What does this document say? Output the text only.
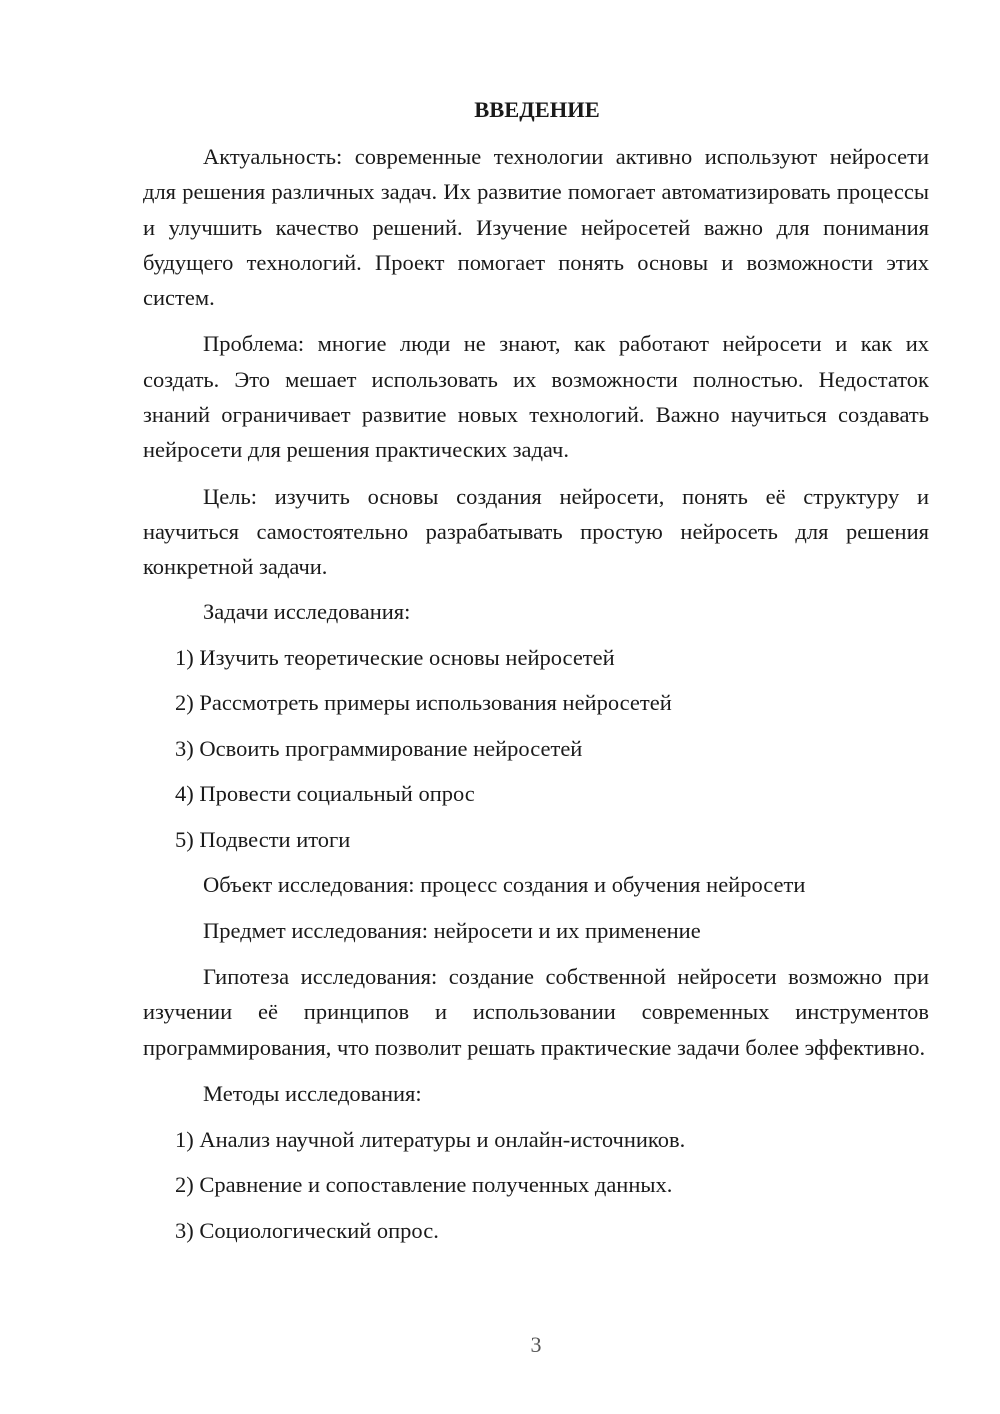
ВВЕДЕНИЕ

Актуальность: современные технологии активно используют нейросети для решения различных задач. Их развитие помогает автоматизировать процессы и улучшить качество решений. Изучение нейросетей важно для понимания будущего технологий. Проект помогает понять основы и возможности этих систем.

Проблема: многие люди не знают, как работают нейросети и как их создать. Это мешает использовать их возможности полностью. Недостаток знаний ограничивает развитие новых технологий. Важно научиться создавать нейросети для решения практических задач.

Цель: изучить основы создания нейросети, понять её структуру и научиться самостоятельно разрабатывать простую нейросеть для решения конкретной задачи.

Задачи исследования:

1) Изучить теоретические основы нейросетей

2) Рассмотреть примеры использования нейросетей

3) Освоить программирование нейросетей

4) Провести социальный опрос

5) Подвести итоги

Объект исследования: процесс создания и обучения нейросети

Предмет исследования: нейросети и их применение

Гипотеза исследования: создание собственной нейросети возможно при изучении её принципов и использовании современных инструментов программирования, что позволит решать практические задачи более эффективно.

Методы исследования:

1) Анализ научной литературы и онлайн-источников.

2) Сравнение и сопоставление полученных данных.

3) Социологический опрос.

3
